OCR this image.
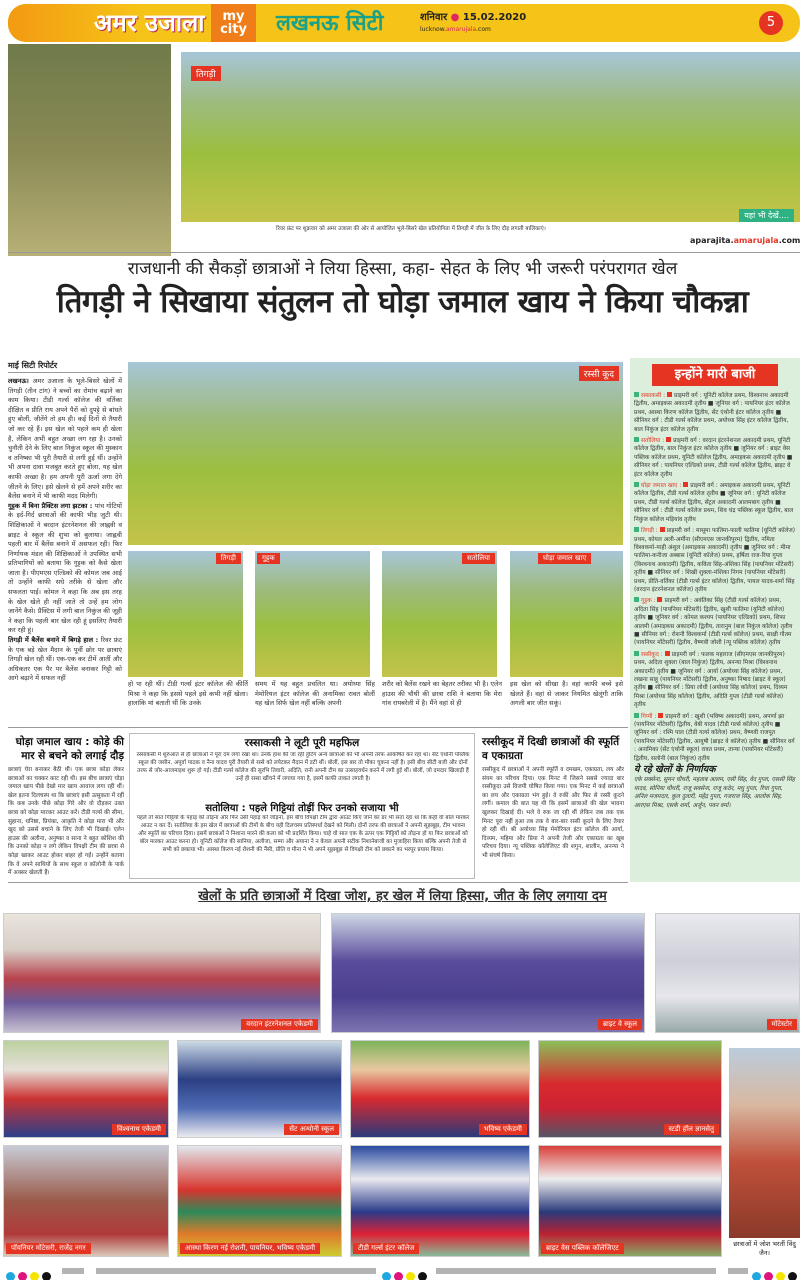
अमर उजाला	my city	लखनऊ सिटी	शनिवार ● 15.02.2020
lucknow.amarujala.com	5
तिगड़ी
यहां भी देखें....
रिवर फ्रंट पर शुक्रवार को अमर उजाला की ओर से आयोजित भूले-बिसरे खेल प्रतियोगिता में तिगड़ी में जीत के लिए दौड़ लगाती बालिकाएं।
aparajita.amarujala.com
राजधानी की सैकड़ों छात्राओं ने लिया हिस्सा, कहा- सेहत के लिए भी जरूरी परंपरागत खेल
तिगड़ी ने सिखाया संतुलन तो घोड़ा जमाल खाय ने किया चौकन्ना
माई सिटी रिपोर्टर
लखनऊ। अमर उजाला के भूले-बिसरे खेलों में तिगड़ी (तीन टांग) ने बच्चों का रोमांच बढ़ाने का काम किया। टीडी गर्ल्स कॉलेज की वर्तिका दीक्षित व प्रीति राय अपने पैरों को दुपट्टे से बांधते हुए बोलीं, जीतेंगे तो हम ही। कई दिनों से तैयारी जो कर रहे हैं। इस खेल को पहले कम ही खेला है, लेकिन अभी बहुत अच्छा लग रहा है। उनको चुनौती देने के लिए बाल निकुंज स्कूल की मुस्कान व तनिष्का भी पूरी तैयारी से लगी हुई थीं। उन्होंने भी अपना दावा मजबूत करते हुए बोला, यह खेल काफी अच्छा है। हम अपनी पूरी ऊर्जा लगा देंगे जीतने के लिए। इसे खेलने से हमें अपने शरीर का बैलेंस बनाने में भी काफी मदद मिलेगी।
गुट्टक में बिना प्रैक्टिस लगा झटका : पांच गोटियों के इर्द-गिर्द छात्राओं की काफी भीड़ जुटी थी। शिक्षिकाओं ने बरदान इंटरनेशनल की जाह्नवी व ब्राइट वे स्कूल की शुभा को बुलाया। जाह्नवी पहली बार में बैलेंस बनाने में असफल रही। फिर निर्णायक मंडल की शिक्षिकाओं ने उपस्थित सभी प्रतिभागियों को बताया कि गुट्टक को कैसे खेला जाता है। पीएमएस एल्डिको की कोमल जब आई तो उन्होंने काफी सधे तरीके से खेला और सफलता पाई। कोमल ने कहा कि अब इस तरह के खेल खेले ही नहीं जाते तो उन्हें हम लोग जानेंगे कैसे। प्रैक्टिस में लगी बाल निकुंज की जूही ने कहा कि पहली बार खेल रही हूं इसलिए तैयारी कर रही हूं।
तिगड़ी में बैलेंस बनाने में बिगड़े हाल : रिवर फ्रंट के एक बड़े खेल मैदान के पूर्वी छोर पर छात्राएं तिगड़ी खेल रही थीं। एक-एक कर टीमें आतीं और अधिकतर एक पैर पर बैलेंस बनाकर गिट्टी को आगे बढ़ाने में सफल नहीं
रस्सी कूद
तिगड़ी	गुट्टक	सतोलिया	घोड़ा जमाल खाए
हो पा रही थीं। टीडी गर्ल्स इंटर कॉलेज की कीर्ति मिश्रा ने कहा कि इससे पहले इसे कभी नहीं खेला। हालांकि मां बताती थीं कि उनके
समय में यह बहुत प्रचलित था। अयोध्या सिंह मेमोरियल इंटर कॉलेज की अनामिका रावत बोलीं यह खेल सिर्फ खेल नहीं बल्कि अपनी
शरीर को बैलेंस रखने का बेहतर तरीका भी है। एलेन हाउस की चौथी की छात्रा राशि ने बताया कि मेरा गांव रायबरेली में है। मैंने वहां से ही
इस खेल को सीखा है। वहां काफी बच्चे इसे खेलते हैं। वहां से जाकर नियमित खेलूंगी ताकि अगली बार जीत सकूं।
इन्होंने मारी बाजी

रस्साकसी : प्राइमरी वर्ग : यूनिटी कॉलेज प्रथम, विश्वनाथ अकादमी द्वितीय, अमाइकस अकादमी तृतीय ■ जूनियर वर्ग : पायनियर इंटर कॉलेज प्रथम, आस्था किरण कॉलेज द्वितीय, सेंट एंथोनी इंटर कॉलेज तृतीय ■ सीनियर वर्ग : टीडी गर्ल्स कॉलेज प्रथम, अयोध्या सिंह इंटर कॉलेज द्वितीय, बाल निकुंज इंटर कॉलेज तृतीय

सतोलिया : प्राइमरी वर्ग : वरदान इंटरनेशनल अकादमी प्रथम, यूनिटी कॉलेज द्वितीय, बाल निकुंज इंटर कॉलेज तृतीय ■ जूनियर वर्ग : ब्राइट वेस पब्लिक कॉलेज प्रथम, यूनिटी कॉलेज द्वितीय, अमाइकस अकादमी तृतीय ■ सीनियर वर्ग : पायनियर एल्डिको प्रथम, टीडी गर्ल्स कॉलेज द्वितीय, ब्राइट वे इंटर कॉलेज तृतीय

घोड़ा जमाल खाए : प्राइमरी वर्ग : अमाइकस अकादमी प्रथम, यूनिटी कॉलेज द्वितीय, टीडी गर्ल्स कॉलेज तृतीय ■ जूनियर वर्ग : यूनिटी कॉलेज प्रथम, टीडी गर्ल्स कॉलेज द्वितीय, सेंट्रल अकादमी आलमबाग तृतीय ■ सीनियर वर्ग : टीडी गर्ल्स कॉलेज प्रथम, शिव चंद्र पब्लिक स्कूल द्वितीय, बाल निकुंज कॉलेज मड़ियांव तृतीय

तिगड़ी : प्राइमरी वर्ग : मासूमा फातिमा-फाली फातिमा (यूनिटी कॉलेज) प्रथम, कोयल अली-अर्मीना (सीएमएस जानकीपुरम) द्वितीय, नमिता विश्वकर्मा-माही अंशुल (अमाइकस अकादमी) तृतीय ■ जूनियर वर्ग : मीमा फातिमा-कनीजा अब्बास (यूनिटी कॉलेज) प्रथम, हर्षिता राज-रिया गुप्ता (विश्वनाथ अकादमी) द्वितीय, कविता सिंह-अंशिका सिंह (पायनियर मोंटेसरी) तृतीय ■ सीनियर वर्ग : शिखी शुक्ला-मंशिका निगम (पायनियर मोंटेसरी) प्रथम, प्रीति-वर्तिका (टीडी गर्ल्स इंटर कॉलेज) द्वितीय, पायल यादव-शर्मा सिंह (वरदान इंटरनेशनल कॉलेज) तृतीय

गुट्टक : प्राइमरी वर्ग : अवंतिका सिंह (टीडी गर्ल्स कॉलेज) प्रथम, अदिता सिंह (पायनियर मोंटेसरी) द्वितीय, खुशी फातिमा (यूनिटी कॉलेज) तृतीय ■ जूनियर वर्ग : कोमल कश्यप (पायनियर एल्डिको) प्रथम, शिफा आलमी (अमाइकस अकादमी) द्वितीय, तारानुम (बाल निकुंज कॉलेज) तृतीय ■ सीनियर वर्ग : रोशनी विश्वकर्मा (टीडी गर्ल्स कॉलेज) प्रथम, साक्षी गौतम (पायनियर मोंटेसरी) द्वितीय, वैष्णवी जोशी (न्यू पब्लिक कॉलेज) तृतीय

रस्सीकूद : प्राइमरी वर्ग : फलक महाराज (सीएमएस जानकीपुरम) प्रथम, अदिता शुक्ला (बाल निकुंज) द्वितीय, अनन्या मिश्रा (विश्वनाथ अकादमी) तृतीय ■ जूनियर वर्ग : आर्या (अयोध्या सिंह कॉलेज) प्रथम, लखना साहू (पायनियर मोंटेसरी) द्वितीय, अनुष्का निषाद (ब्राइट वे स्कूल) तृतीय ■ सीनियर वर्ग : प्रिया लोधी (अयोध्या सिंह कॉलेज) प्रथम, दिव्यम मिश्रा (अयोध्या सिंह कॉलेज) द्वितीय, अदिति गुप्ता (टीडी गर्ल्स कॉलेज) तृतीय

गिप्पी : प्राइमरी वर्ग : खुशी (भविष्य अकादमी) प्रथम, अपर्णा झा (पायनियर मोंटेसरी) द्वितीय, वेबी यादव (टीडी गर्ल्स कॉलेज) तृतीय ■ जूनियर वर्ग : रश्मि पाल (टीडी गर्ल्स कॉलेज) प्रथम, वैष्णवी राजपूत (पायनियर मोंटेसरी) द्वितीय, आयुषी (ब्राइट वे कॉलेज) तृतीय ■ सीनियर वर्ग : अनामिका (सेंट एंथोनी स्कूल) रावत प्रथम, तान्या (पायनियर मोंटेसरी) द्वितीय, सलोनी (बाल निकुंज) तृतीय

ये रहे खेलों के निर्णायक
एके सक्सेना, सुमन चौधरी, महताब आलम, एसी सिंह, वेद गुप्ता, एससी सिंह यादव, सोनिया चौधरी, राजू सक्सेना, राजू कठेर, मधु गुप्ता, रिचा गुप्ता, अनिल मजमदार, कुल दुलारी, महेंद्र गुप्ता, गजराज सिंह, आलोक सिंह, आरएस मिश्रा, एसके शर्मा, अर्जुन, पवन वर्मा।
घोड़ा जमाल खाय : कोड़े की मार से बचने को लगाई दौड़
छात्राएं घेरा बनाकर बैठी थीं। एक छात्रा कोड़ा लेकर छात्राओं का चक्कर काट रही थी। इस बीच छात्राएं घोड़ा जमाल खाय पीछे देखो मार खाय आवाज लगा रही थीं। खेल इतना दिलचस्प था कि छात्राएं इसी उत्सुकता में रहीं कि कब उनके पीछे कोड़ा गिरे और वो दौड़कर उक्त छात्रा को कोड़ा मारकर आउट करें। टीडी गर्ल्स की सीमा, सुहाना, धनिष्ठा, प्रियंका, आकृति ने कोड़ा मारा भी और खुद को उससे बचाने के लिए तेजी भी दिखाई। एलेन हाउस की अलीना, अनुष्का व साना ने बहुत कोशिश की कि उनको कोड़ा न लगे लेकिन विपक्षी टीम की छात्रा से कोड़ा खाकर आउट होकर बाहर हो गईं। उन्होंने बताया कि वे अपने साथियों के साथ स्कूल व कॉलोनी के पार्क में अक्सर खेलती हैं।
रस्साकसी ने लूटी पूरी महफिल
रस्साकसी में शुरुआत से ही छात्राओं ने पूरा दम लगा रखा था। उनके हाथ की जा रही हुंटिंग अन्य छात्राओं को भी अपनी तरफ आकर्षित कर रहा था। सेंट एंथोनी पब्लिक स्कूल की जसीन, अपूर्वा पाठक व नैना यादव पूरी तैयारी से रस्से को लपेटकर मैदान में डटी थीं। बोलीं, इस बार तो मौका चूकना नहीं है। इसी बीच सीटी बजी और दोनों तरफ से जोर-आजमाइश शुरू हो गई। टीडी गर्ल्स कॉलेज की सुरभि तिवारी, अदिति, रानी अपनी टीम का उत्साहवर्धन करने में लगी हुई थीं। बोलीं, जो दमदार खिलाड़ी हैं उन्हें ही रस्सा खींचने में लगाया गया है, इसमें काफी ताकत लगती है।
सतोलिया : पहले गिट्टियां तोड़ीं फिर उनको सजाया भी
पहले तो सात गिट्टियों के पहाड़ को तोड़ना और फिर उसी पहाड़ को जोड़ना, इस बीच विपक्षी टीम द्वारा आउट किए जाने का डर भी सता रहा था कि कहीं वो बॉल मारकर आउट न कर दें। सतोलिया के इस खेल में छात्राओं की टीमों के बीच यही दिलचस्प प्रतिस्पर्धा देखने को मिली। दोनों तरफ की छात्राओं ने अपनी सूझबूझ, टीम भावना और स्फूर्ति का परिचय दिया। इसमें छात्राओं ने निशाना मारने की कला को भी प्रदर्शित किया। चाहे वो सात एक के ऊपर एक गिट्टियों को तोड़ना हो या फिर छात्राओं को बॉल मारकर आउट करना हो। यूनिटी कॉलेज की सानिया, अलीजा, सम्मा और अयाना ने न केवल अपनी सटीक निशानेबाजी का मुजाहिरा किया बल्कि अपनी तेजी से सभी को छकाया भी। आस्था किरण नई रोशनी की नैंसी, प्रीति व मीना ने भी अपने सूझबूझ से विपक्षी टीम को छकाने का भरपूर प्रयास किया।
रस्सीकूद में दिखी छात्राओं की स्फूर्ति व एकाग्रता
रस्सीकूद में छात्राओं ने अपनी स्फूर्ति व दमखम, एकाग्रता, लय और संयम का परिचय दिया। एक मिनट में जिसने सबसे ज्यादा बार रस्सीकूदा उसे विजयी घोषित किया गया। एक मिनट में कई छात्राओं का लय और एकाग्रता भंग हुई। वे रुकीं और फिर से रस्सी कूदने लगीं। कमाल की बात यह थी कि इसमें छात्राओं की खेल भावना खुलकर दिखाई दी। भले वे रुक जा रही थीं लेकिन जब तक एक मिनट पूरा नहीं हुआ तब तक वे बार-बार रस्सी कूदने के लिए तैयार हो रही थीं। श्री अयोध्या सिंह मेमोरियल इंटर कॉलेज की आर्या, दिव्यम, महिमा और प्रिया ने अपनी तेजी और एकाग्रता का खूब परिचय दिया। न्यू पब्लिक कॉलेजिएट की शगुन, शालीन, अनन्या ने भी संघर्ष किया।
खेलों के प्रति छात्राओं में दिखा जोश, हर खेल में लिया हिस्सा, जीत के लिए लगाया दम
वरदान इंटरनेशनल एकेडमी	ब्राइट वे स्कूल	मोंटेस्टोर
विश्वनाथ एकेडमी	सेंट अन्थोनी स्कूल	भविष्य एकेडमी	स्टडी हॉल ज्ञानसेतु
पॉयनियर मोंटेसरी, राजेंद्र नगर	आस्था किरण नई रोशनी, पायनियर, भविष्य एकेडमी	टीडी गर्ल्स इंटर कॉलेज	ब्राइट वेस पब्लिक कॉलेजिएट	छात्राओं में जोश भरतीं विंदु जैन।
